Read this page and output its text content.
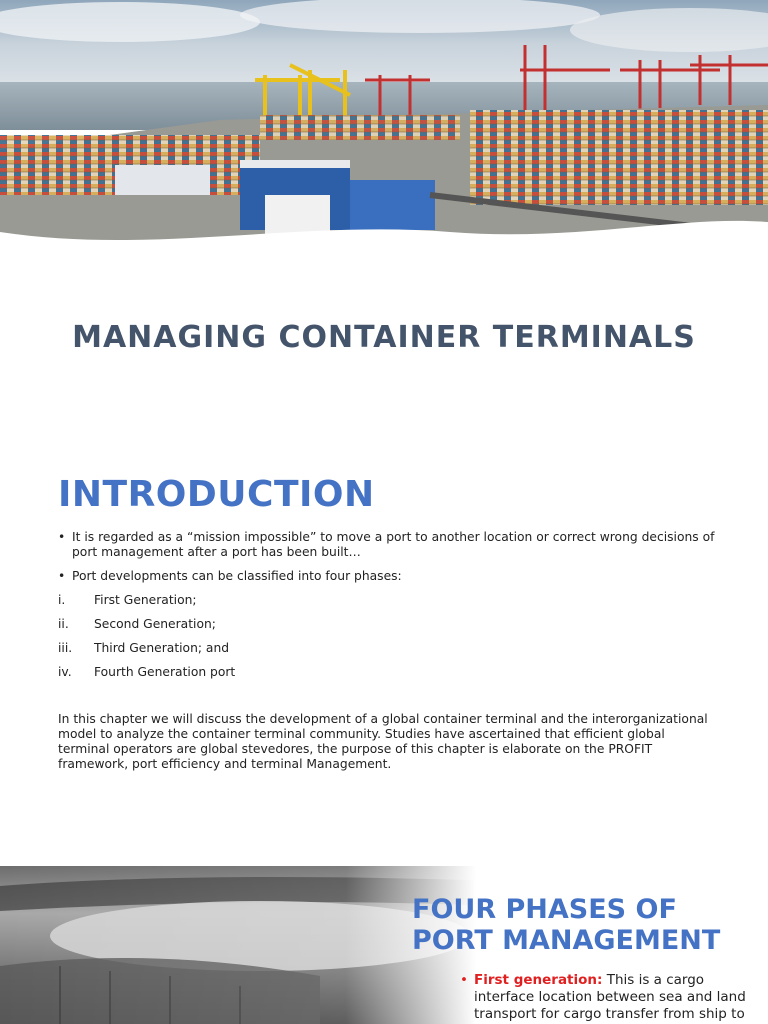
MANAGING CONTAINER TERMINALS
INTRODUCTION
• It is regarded as a “mission impossible” to move a port to another location or correct wrong decisions of port management after a port has been built…
• Port developments can be classified into four phases:
i. First Generation;
ii. Second Generation;
iii. Third Generation; and
iv. Fourth Generation port

In this chapter we will discuss the development of a global container terminal and the interorganizational model to analyze the container terminal community. Studies have ascertained that efficient global terminal operators are global stevedores, the purpose of this chapter is elaborate on the PROFIT framework, port efficiency and terminal Management.

FOUR PHASES OF
PORT MANAGEMENT
• First generation: This is a cargo interface location between sea and land transport for cargo transfer from ship to
